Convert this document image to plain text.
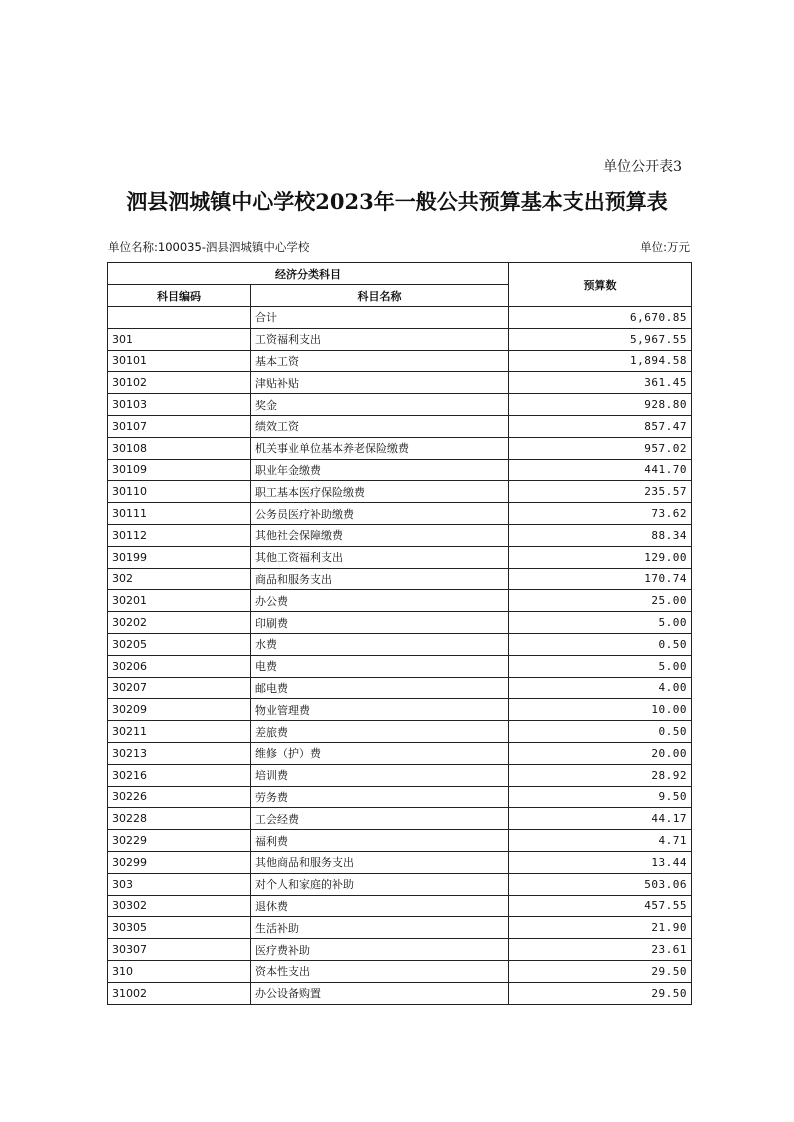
单位公开表3
泗县泗城镇中心学校2023年一般公共预算基本支出预算表
单位名称:100035-泗县泗城镇中心学校	单位:万元
经济分类科目		预算数
科目编码	科目名称	
	合计	6,670.85
301	工资福利支出	5,967.55
30101	基本工资	1,894.58
30102	津贴补贴	361.45
30103	奖金	928.80
30107	绩效工资	857.47
30108	机关事业单位基本养老保险缴费	957.02
30109	职业年金缴费	441.70
30110	职工基本医疗保险缴费	235.57
30111	公务员医疗补助缴费	73.62
30112	其他社会保障缴费	88.34
30199	其他工资福利支出	129.00
302	商品和服务支出	170.74
30201	办公费	25.00
30202	印刷费	5.00
30205	水费	0.50
30206	电费	5.00
30207	邮电费	4.00
30209	物业管理费	10.00
30211	差旅费	0.50
30213	维修（护）费	20.00
30216	培训费	28.92
30226	劳务费	9.50
30228	工会经费	44.17
30229	福利费	4.71
30299	其他商品和服务支出	13.44
303	对个人和家庭的补助	503.06
30302	退休费	457.55
30305	生活补助	21.90
30307	医疗费补助	23.61
310	资本性支出	29.50
31002	办公设备购置	29.50
